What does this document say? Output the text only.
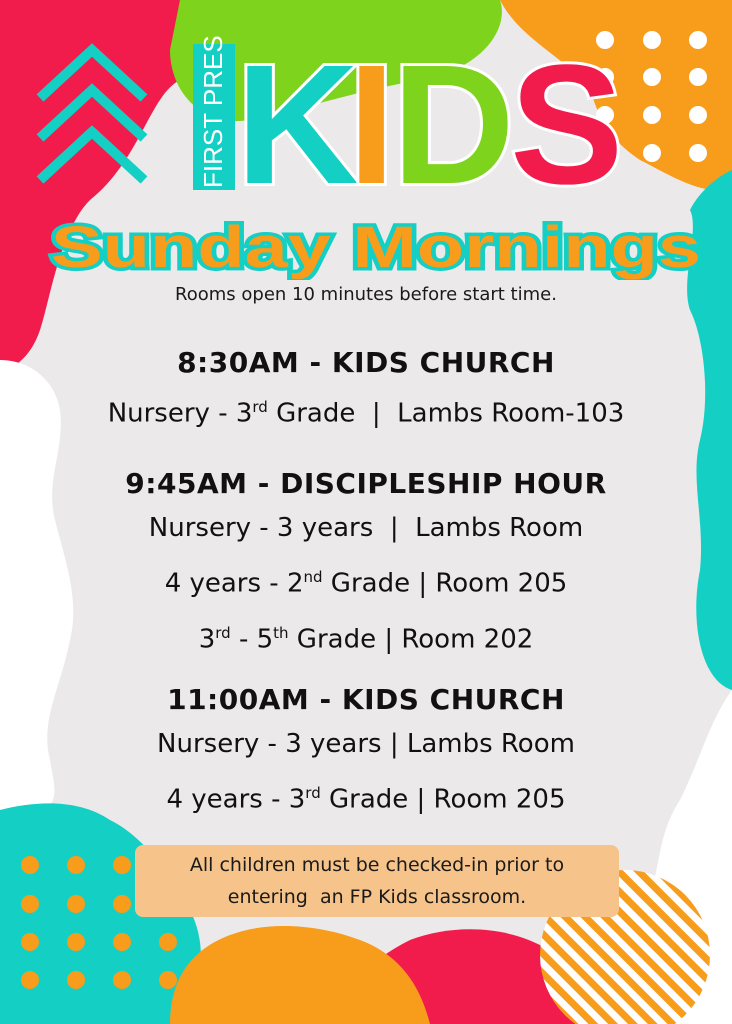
FIRST PRES K
I
D
S
Sunday Mornings
Rooms open 10 minutes before start time.
8:30AM - KIDS CHURCH
Nursery - 3rd Grade  |  Lambs Room-103
9:45AM - DISCIPLESHIP HOUR
Nursery - 3 years  |  Lambs Room
4 years - 2nd Grade | Room 205
3rd - 5th Grade | Room 202
11:00AM - KIDS CHURCH
Nursery - 3 years | Lambs Room
4 years - 3rd Grade | Room 205
All children must be checked-in prior to
entering  an FP Kids classroom.
